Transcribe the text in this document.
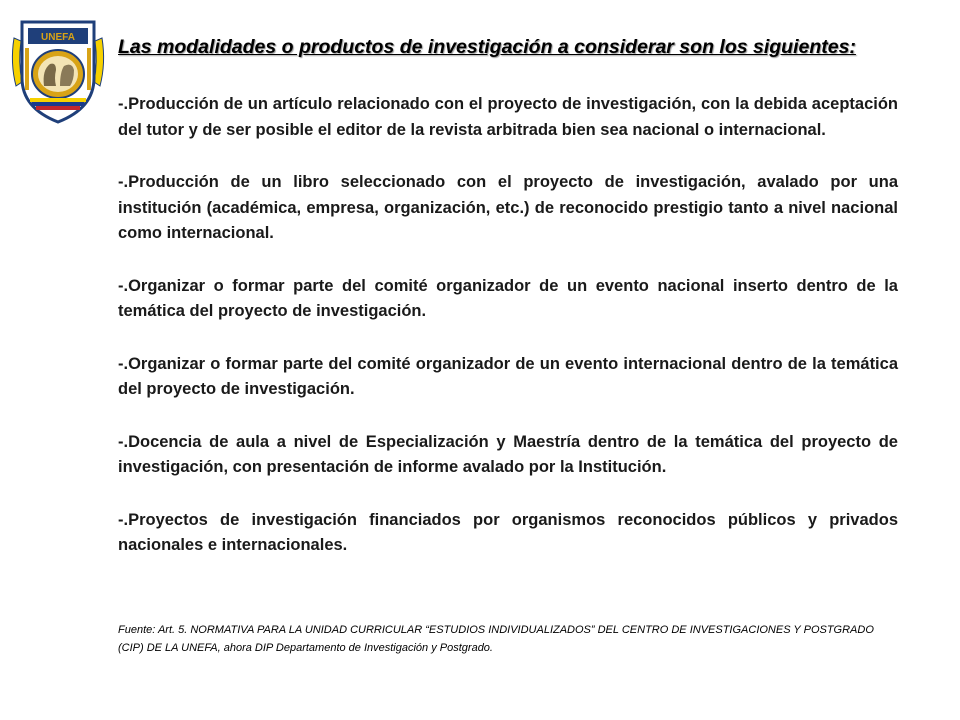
UNEFA Las modalidades o productos de investigación a considerar son los siguientes:

-.Producción de un artículo relacionado con el proyecto de investigación, con la debida aceptación del tutor y de ser posible el editor de la revista arbitrada bien sea nacional o internacional.

-.Producción de un libro seleccionado con el proyecto de investigación, avalado por una institución (académica, empresa, organización, etc.) de reconocido prestigio tanto a nivel nacional como internacional.

-.Organizar o formar parte del comité organizador de un evento nacional inserto dentro de la temática del proyecto de investigación.

-.Organizar o formar parte del comité organizador de un evento internacional dentro de la temática del proyecto de investigación.

-.Docencia de aula a nivel de Especialización y Maestría dentro de la temática del proyecto de investigación, con presentación de informe avalado por la Institución.

-.Proyectos de investigación financiados por organismos reconocidos públicos y privados nacionales e internacionales.

Fuente: Art. 5. NORMATIVA PARA LA UNIDAD CURRICULAR “ESTUDIOS INDIVIDUALIZADOS” DEL CENTRO DE INVESTIGACIONES Y POSTGRADO (CIP) DE LA UNEFA, ahora DIP Departamento de Investigación y Postgrado.
